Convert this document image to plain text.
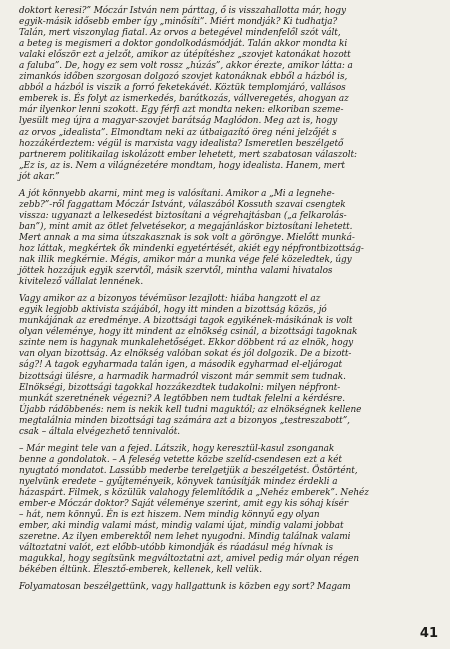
doktort keresi?” Móczár István nem párttag, ő is visszahallotta már, hogy
egyik-másik idősebb ember így „minősíti”. Miért mondják? Ki tudhatja?
Talán, mert viszonylag fiatal. Az orvos a betegével mindenfelől szót vált,
a beteg is megismeri a doktor gondolkodásmódját. Talán akkor mondta ki
valaki először ezt a jelzőt, amikor az útépítéshez „szovjet katonákat hozott
a faluba”. De, hogy ez sem volt rossz „húzás”, akkor érezte, amikor látta: a
zimankós időben szorgosan dolgozó szovjet katonáknak ebből a házból is,
abból a házból is viszik a forró feketekávét. Köztük templomjáró, vallásos
emberek is. És folyt az ismerkedés, barátkozás, vállveregetés, ahogyan az
már ilyenkor lenni szokott. Egy férfi azt mondta neken: elkoriban szeme-
lyesült meg újra a magyar-szovjet barátság Maglódon. Meg azt is, hogy
az orvos „idealista”. Elmondtam neki az útbaigazító öreg néni jelzőjét s
hozzákérdeztem: végül is marxista vagy idealista? Ismeretlen beszélgető
partnerem politikailag iskolázott ember lehetett, mert szabatosan válaszolt:
„Ez is, az is. Nem a világnézetére mondtam, hogy idealista. Hanem, mert
jót akar.”

A jót könnyebb akarni, mint meg is valósítani. Amikor a „Mi a legnehe-
zebb?”-ről faggattam Móczár Istvánt, válaszából Kossuth szavai csengtek
vissza: ugyanazt a lelkesedést biztosítani a végrehajtásban („a felkarolás-
ban”), mint amit az ötlet felvetésekor, a megajánláskor biztosítani lehetett.
Mert annak a ma sima útszakasznak is sok volt a göröngye. Mielőtt munká-
hoz láttak, megkértek ők mindenki egyetértését, akiét egy népfrontbizottság-
nak illik megkérnie. Mégis, amikor már a munka vége felé közeledtek, úgy
jöttek hozzájuk egyik szervtől, másik szervtől, mintha valami hivatalos
kivitelező vállalat lennének.

Vagy amikor az a bizonyos tévémüsor lezajlott: hiába hangzott el az
egyik legjobb aktivista szájából, hogy itt minden a bizottság közös, jó
munkájának az eredménye. A bizottsági tagok egyikének-másikának is volt
olyan véleménye, hogy itt mindent az elnökség csinál, a bizottsági tagoknak
szinte nem is hagynak munkalehetőséget. Ekkor döbbent rá az elnök, hogy
van olyan bizottság. Az elnökség valóban sokat és jól dolgozik. De a bizott-
ság?! A tagok egyharmada talán igen, a második egyharmad el-eljárogat
bizottsági ülésre, a harmadik harmadról viszont már semmit sem tudnak.
Elnökségi, bizottsági tagokkal hozzákezdtek tudakolni: milyen népfront-
munkát szeretnének végezni? A legtöbben nem tudtak felelni a kérdésre.
Újabb rádöbbenés: nem is nekik kell tudni maguktól; az elnökségnek kellene
megtalálnia minden bizottsági tag számára azt a bizonyos „testreszabott”,
csak – általa elvégezhető tennivalót.

– Már megint tele van a fejed. Látszik, hogy keresztül-kasul zsonganak
benne a gondolatok. – A feleség vetette közbe szelíd-csendesen ezt a két
nyugtató mondatot. Lassúbb mederbe terelgetjük a beszélgetést. Östörtént,
nyelvünk eredete – gyűjteményeik, könyvek tanúsítják mindez érdekli a
házaspárt. Filmek, s közülük valahogy felemlítődik a „Nehéz emberek”. Nehéz
ember-e Móczár doktor? Saját véleménye szerint, amit egy kis sóhaj kísér
– hát, nem könnyű. Én is ezt hiszem. Nem mindig könnyű egy olyan
ember, aki mindig valami mást, mindig valami újat, mindig valami jobbat
szeretne. Az ilyen emberektől nem lehet nyugodni. Mindig találnak valami
változtatni valót, ezt előbb-utóbb kimondják és ráadásul még hívnak is
magukkal, hogy segítsünk megváltoztatni azt, amivel pedig már olyan régen
békében éltünk. Élesztő-emberek, kellenek, kell velük.

Folyamatosan beszélgettünk, vagy hallgattunk is közben egy sort? Magam

41
